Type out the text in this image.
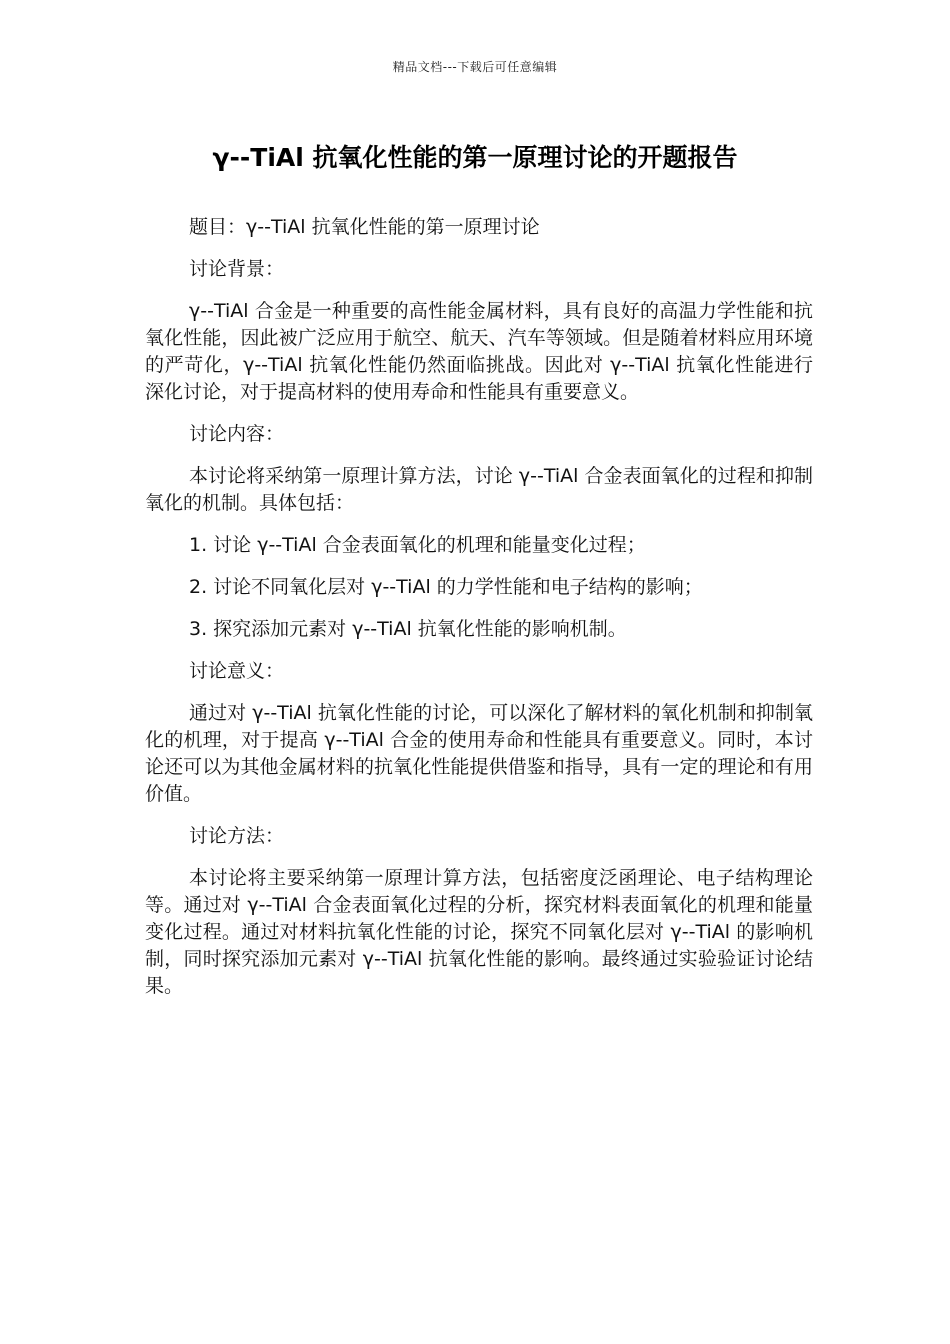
精品文档---下载后可任意编辑
γ--TiAl 抗氧化性能的第一原理讨论的开题报告

题目：γ--TiAl 抗氧化性能的第一原理讨论

讨论背景：

γ--TiAl 合金是一种重要的高性能金属材料，具有良好的高温力学性能和抗氧化性能，因此被广泛应用于航空、航天、汽车等领域。但是随着材料应用环境的严苛化，γ--TiAl 抗氧化性能仍然面临挑战。因此对 γ--TiAl 抗氧化性能进行深化讨论，对于提高材料的使用寿命和性能具有重要意义。

讨论内容：

本讨论将采纳第一原理计算方法，讨论 γ--TiAl 合金表面氧化的过程和抑制氧化的机制。具体包括：

1. 讨论 γ--TiAl 合金表面氧化的机理和能量变化过程；

2. 讨论不同氧化层对 γ--TiAl 的力学性能和电子结构的影响；

3. 探究添加元素对 γ--TiAl 抗氧化性能的影响机制。

讨论意义：

通过对 γ--TiAl 抗氧化性能的讨论，可以深化了解材料的氧化机制和抑制氧化的机理，对于提高 γ--TiAl 合金的使用寿命和性能具有重要意义。同时，本讨论还可以为其他金属材料的抗氧化性能提供借鉴和指导，具有一定的理论和有用价值。

讨论方法：

本讨论将主要采纳第一原理计算方法，包括密度泛函理论、电子结构理论等。通过对 γ--TiAl 合金表面氧化过程的分析，探究材料表面氧化的机理和能量变化过程。通过对材料抗氧化性能的讨论，探究不同氧化层对 γ--TiAl 的影响机制，同时探究添加元素对 γ--TiAl 抗氧化性能的影响。最终通过实验验证讨论结果。
